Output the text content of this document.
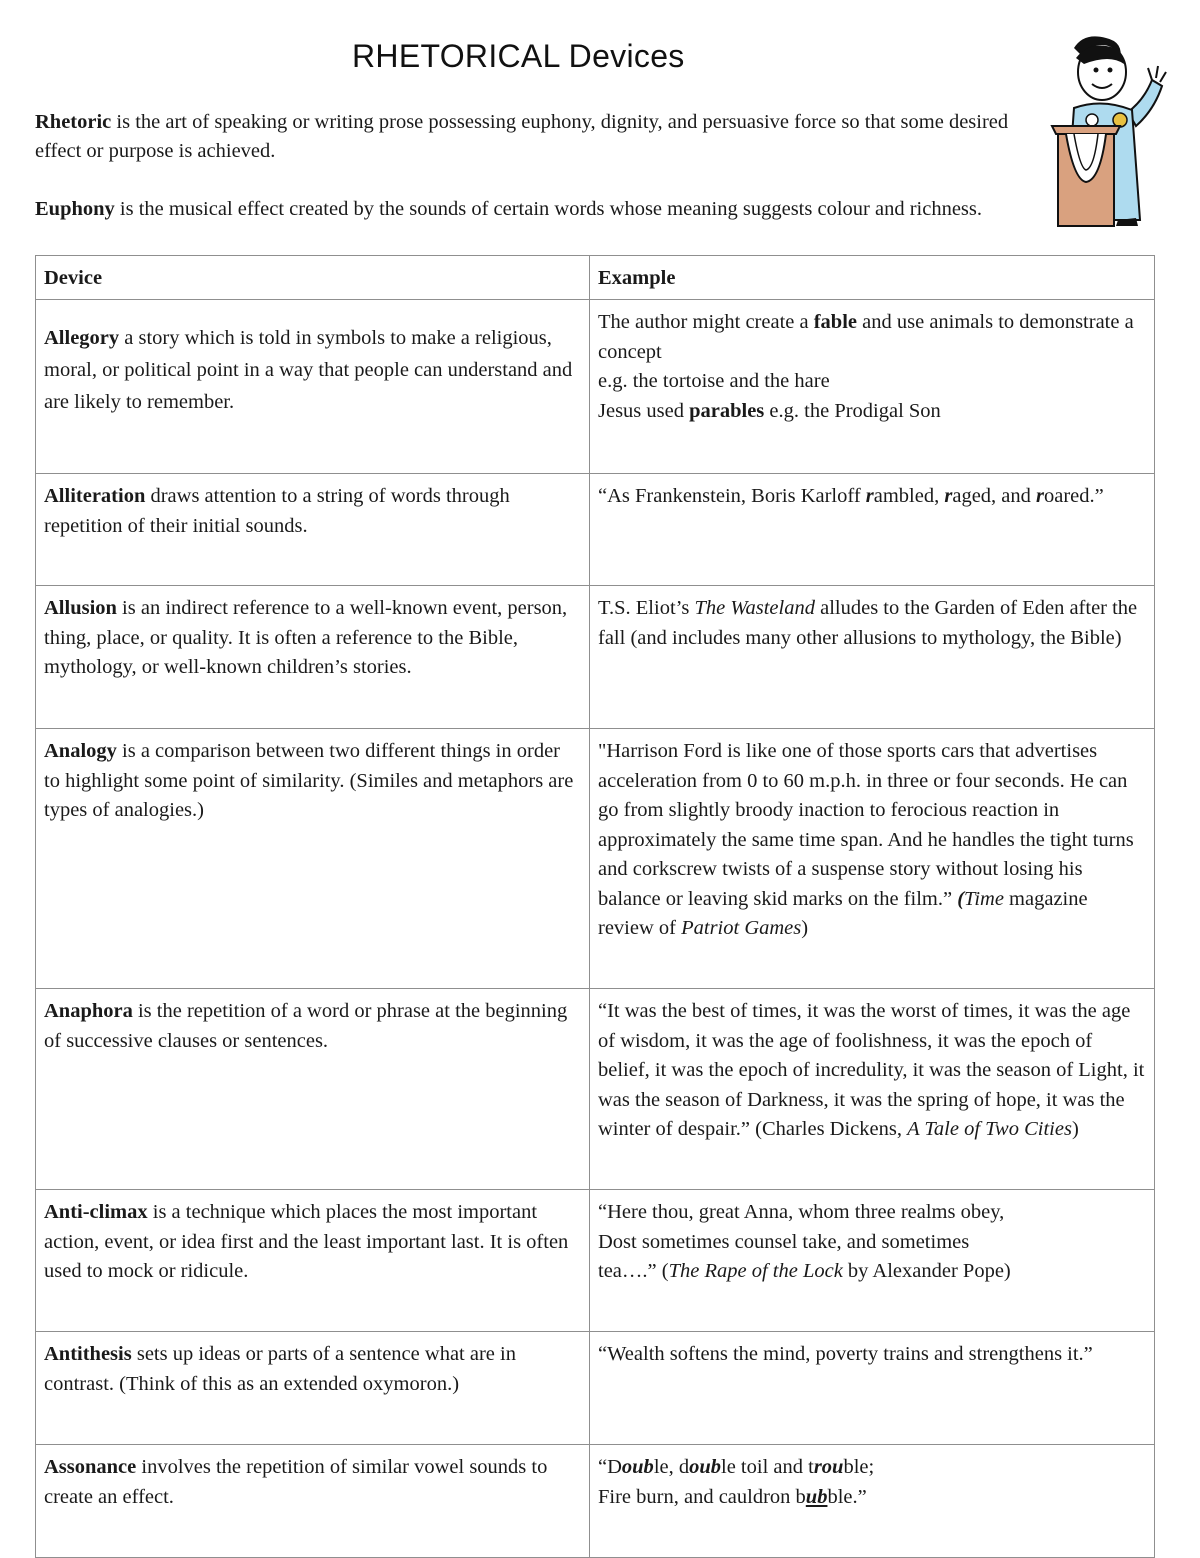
RHETORICAL Devices
Rhetoric is the art of speaking or writing prose possessing euphony, dignity, and persuasive force so that some desired effect or purpose is achieved.
Euphony is the musical effect created by the sounds of certain words whose meaning suggests colour and richness.
Device	Example
Allegory a story which is told in symbols to make a religious, moral, or political point in a way that people can understand and are likely to remember.	The author might create a fable and use animals to demonstrate a concept
e.g. the tortoise and the hare
Jesus used parables e.g. the Prodigal Son
Alliteration draws attention to a string of words through repetition of their initial sounds.	“As Frankenstein, Boris Karloff rambled, raged, and roared.”
Allusion is an indirect reference to a well-known event, person, thing, place, or quality. It is often a reference to the Bible, mythology, or well-known children’s stories.	T.S. Eliot’s The Wasteland alludes to the Garden of Eden after the fall (and includes many other allusions to mythology, the Bible)
Analogy is a comparison between two different things in order to highlight some point of similarity. (Similes and metaphors are types of analogies.)	"Harrison Ford is like one of those sports cars that advertises acceleration from 0 to 60 m.p.h. in three or four seconds. He can go from slightly broody inaction to ferocious reaction in approximately the same time span. And he handles the tight turns and corkscrew twists of a suspense story without losing his balance or leaving skid marks on the film.” (Time magazine review of Patriot Games)
Anaphora is the repetition of a word or phrase at the beginning of successive clauses or sentences.	“It was the best of times, it was the worst of times, it was the age of wisdom, it was the age of foolishness, it was the epoch of belief, it was the epoch of incredulity, it was the season of Light, it was the season of Darkness, it was the spring of hope, it was the winter of despair.” (Charles Dickens, A Tale of Two Cities)
Anti-climax is a technique which places the most important action, event, or idea first and the least important last. It is often used to mock or ridicule.	“Here thou, great Anna, whom three realms obey,
Dost sometimes counsel take, and sometimes
tea….” (The Rape of the Lock by Alexander Pope)
Antithesis sets up ideas or parts of a sentence what are in contrast. (Think of this as an extended oxymoron.)	“Wealth softens the mind, poverty trains and strengthens it.”
Assonance involves the repetition of similar vowel sounds to create an effect.	“Double, double toil and trouble;
Fire burn, and cauldron bubble.”
